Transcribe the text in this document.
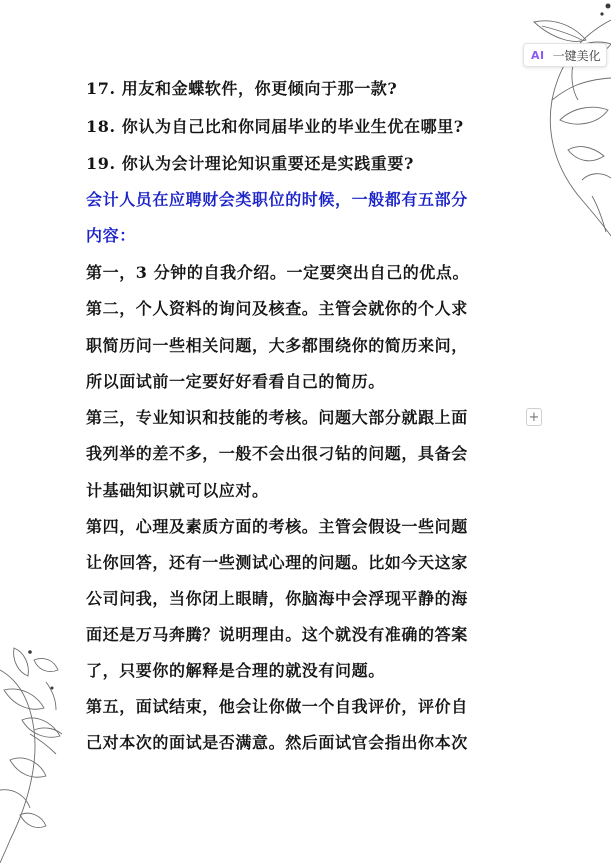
AI 一键美化
+
17. 用友和金蝶软件，你更倾向于那一款?
18. 你认为自己比和你同届毕业的毕业生优在哪里?
19. 你认为会计理论知识重要还是实践重要?
会计人员在应聘财会类职位的时候，一般都有五部分
内容：
第一，3 分钟的自我介绍。一定要突出自己的优点。
第二，个人资料的询问及核查。主管会就你的个人求
职简历问一些相关问题，大多都围绕你的简历来问，
所以面试前一定要好好看看自己的简历。
第三，专业知识和技能的考核。问题大部分就跟上面
我列举的差不多，一般不会出很刁钻的问题，具备会
计基础知识就可以应对。
第四，心理及素质方面的考核。主管会假设一些问题
让你回答，还有一些测试心理的问题。比如今天这家
公司问我，当你闭上眼睛，你脑海中会浮现平静的海
面还是万马奔腾？说明理由。这个就没有准确的答案
了，只要你的解释是合理的就没有问题。
第五，面试结束，他会让你做一个自我评价，评价自
己对本次的面试是否满意。然后面试官会指出你本次
